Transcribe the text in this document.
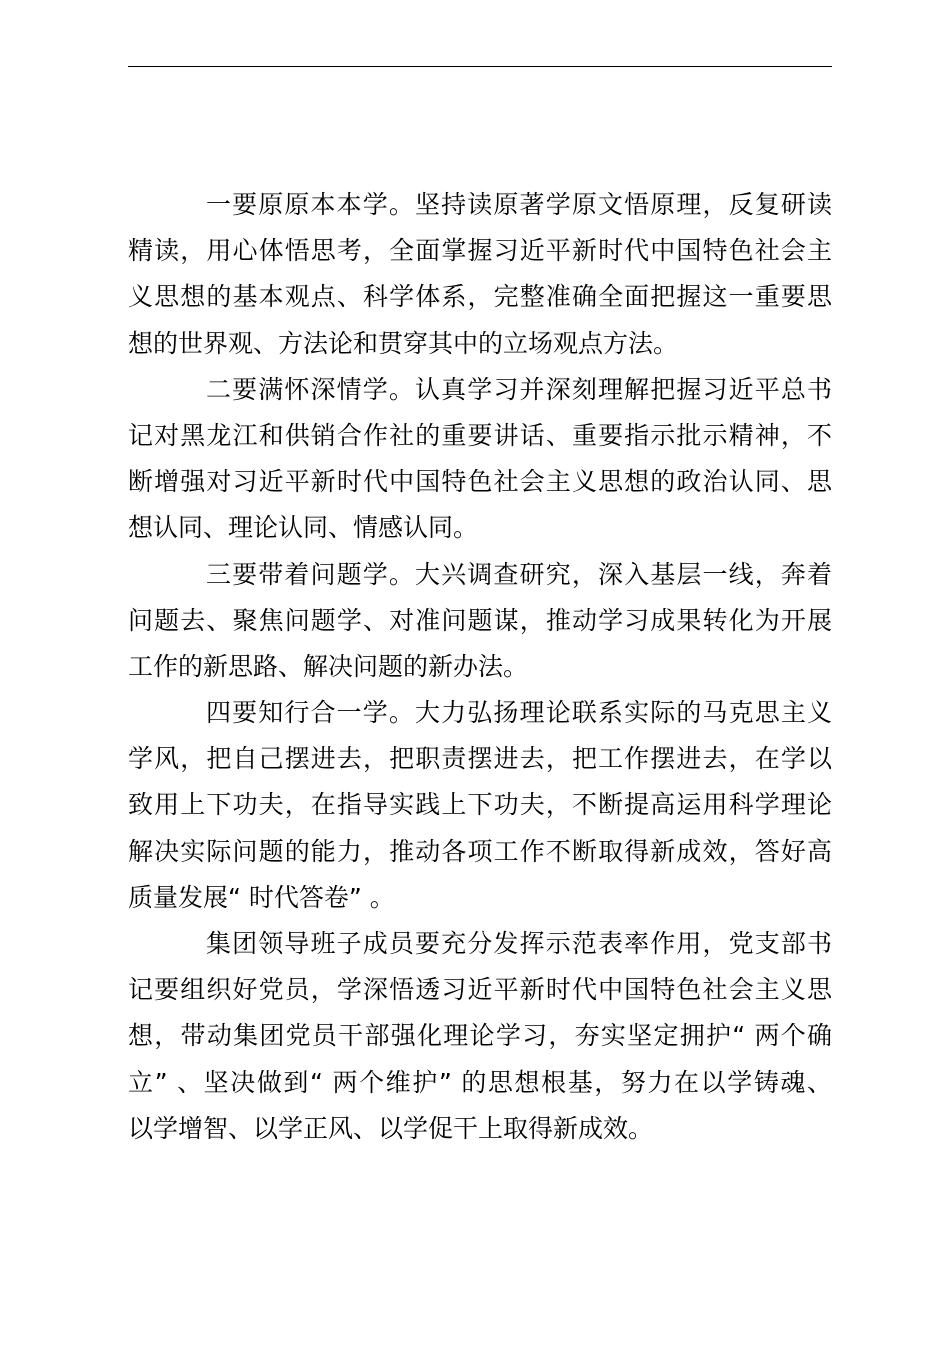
一要原原本本学。坚持读原著学原文悟原理，反复研读
精读，用心体悟思考，全面掌握习近平新时代中国特色社会主
义思想的基本观点、科学体系，完整准确全面把握这一重要思
想的世界观、方法论和贯穿其中的立场观点方法。
二要满怀深情学。认真学习并深刻理解把握习近平总书
记对黑龙江和供销合作社的重要讲话、重要指示批示精神，不
断增强对习近平新时代中国特色社会主义思想的政治认同、思
想认同、理论认同、情感认同。
三要带着问题学。大兴调查研究，深入基层一线，奔着
问题去、聚焦问题学、对准问题谋，推动学习成果转化为开展
工作的新思路、解决问题的新办法。
四要知行合一学。大力弘扬理论联系实际的马克思主义
学风，把自己摆进去，把职责摆进去，把工作摆进去，在学以
致用上下功夫，在指导实践上下功夫，不断提高运用科学理论
解决实际问题的能力，推动各项工作不断取得新成效，答好高
质量发展“ 时代答卷” 。
集团领导班子成员要充分发挥示范表率作用，党支部书
记要组织好党员，学深悟透习近平新时代中国特色社会主义思
想，带动集团党员干部强化理论学习，夯实坚定拥护“ 两个确
立” 、坚决做到“ 两个维护” 的思想根基，努力在以学铸魂、
以学增智、以学正风、以学促干上取得新成效。
